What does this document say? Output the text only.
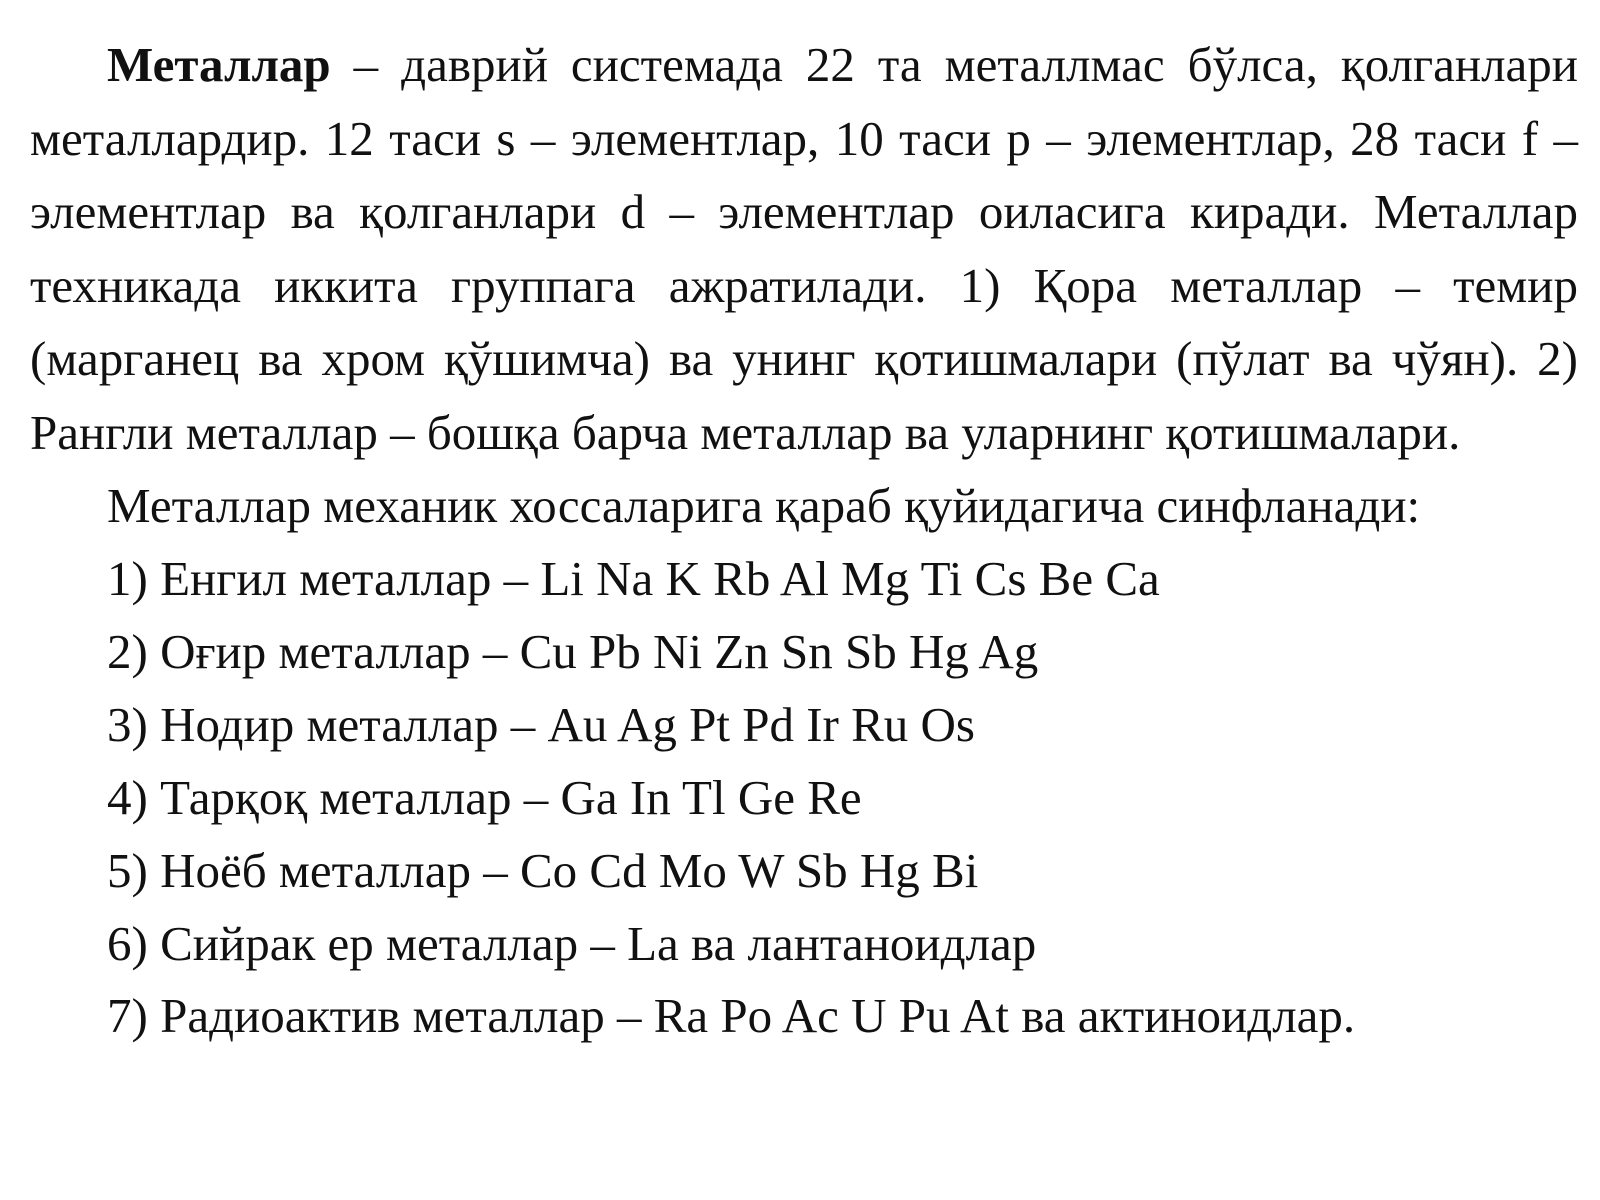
Металлар – даврий системада 22 та металлмас бўлса, қолганлари металлардир. 12 таси s – элементлар, 10 таси p – элементлар, 28 таси f – элементлар ва қолганлари d – элементлар оиласига киради. Металлар техникада иккита группага ажратилади. 1) Қора металлар – темир (марганец ва хром қўшимча) ва унинг қотишмалари (пўлат ва чўян). 2) Рангли металлар – бошқа барча металлар ва уларнинг қотишмалари.

Металлар механик хоссаларига қараб қуйидагича синфланади:

1) Енгил металлар – Li Na K Rb Al Mg Ti Cs Be Ca
2) Оғир металлар – Cu Pb Ni Zn Sn Sb Hg Ag
3) Нодир металлар – Au Ag Pt Pd Ir Ru Os
4) Тарқоқ металлар – Ga In Tl Ge Re
5) Ноёб металлар – Co Cd Mo W Sb Hg Bi
6) Сийрак ер металлар – La ва лантаноидлар
7) Радиоактив металлар – Ra Po Ac U Pu At ва актиноидлар.
